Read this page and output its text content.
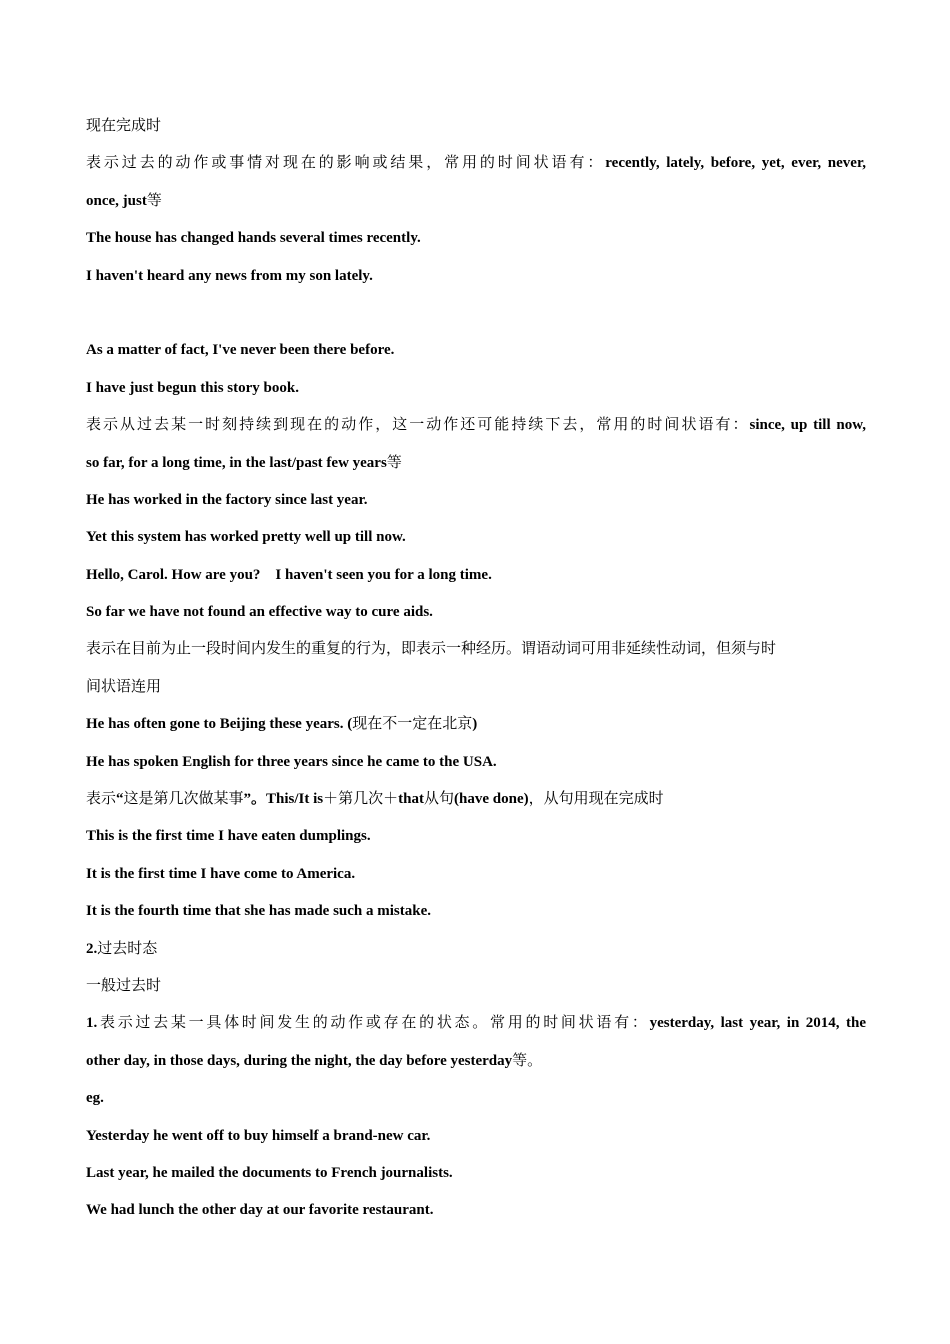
现在完成时
表示过去的动作或事情对现在的影响或结果，常用的时间状语有：recently, lately, before, yet, ever, never,
once, just等
The house has changed hands several times recently.
I haven't heard any news from my son lately.
As a matter of fact, I've never been there before.
I have just begun this story book.
表示从过去某一时刻持续到现在的动作，这一动作还可能持续下去，常用的时间状语有：since, up till now,
so far, for a long time, in the last/past few years等
He has worked in the factory since last year.
Yet this system has worked pretty well up till now.
Hello, Carol. How are you?    I haven't seen you for a long time.
So far we have not found an effective way to cure aids.
表示在目前为止一段时间内发生的重复的行为，即表示一种经历。谓语动词可用非延续性动词，但须与时
间状语连用
He has often gone to Beijing these years. (现在不一定在北京)
He has spoken English for three years since he came to the USA.
表示“这是第几次做某事”。This/It is＋第几次＋that从句(have done)，从句用现在完成时
This is the first time I have eaten dumplings.
It is the first time I have come to America.
It is the fourth time that she has made such a mistake.
2.过去时态
一般过去时
1.表示过去某一具体时间发生的动作或存在的状态。常用的时间状语有：yesterday, last year, in 2014, the
other day, in those days, during the night, the day before yesterday等。
eg.
Yesterday he went off to buy himself a brand-new car.
Last year, he mailed the documents to French journalists.
We had lunch the other day at our favorite restaurant.
